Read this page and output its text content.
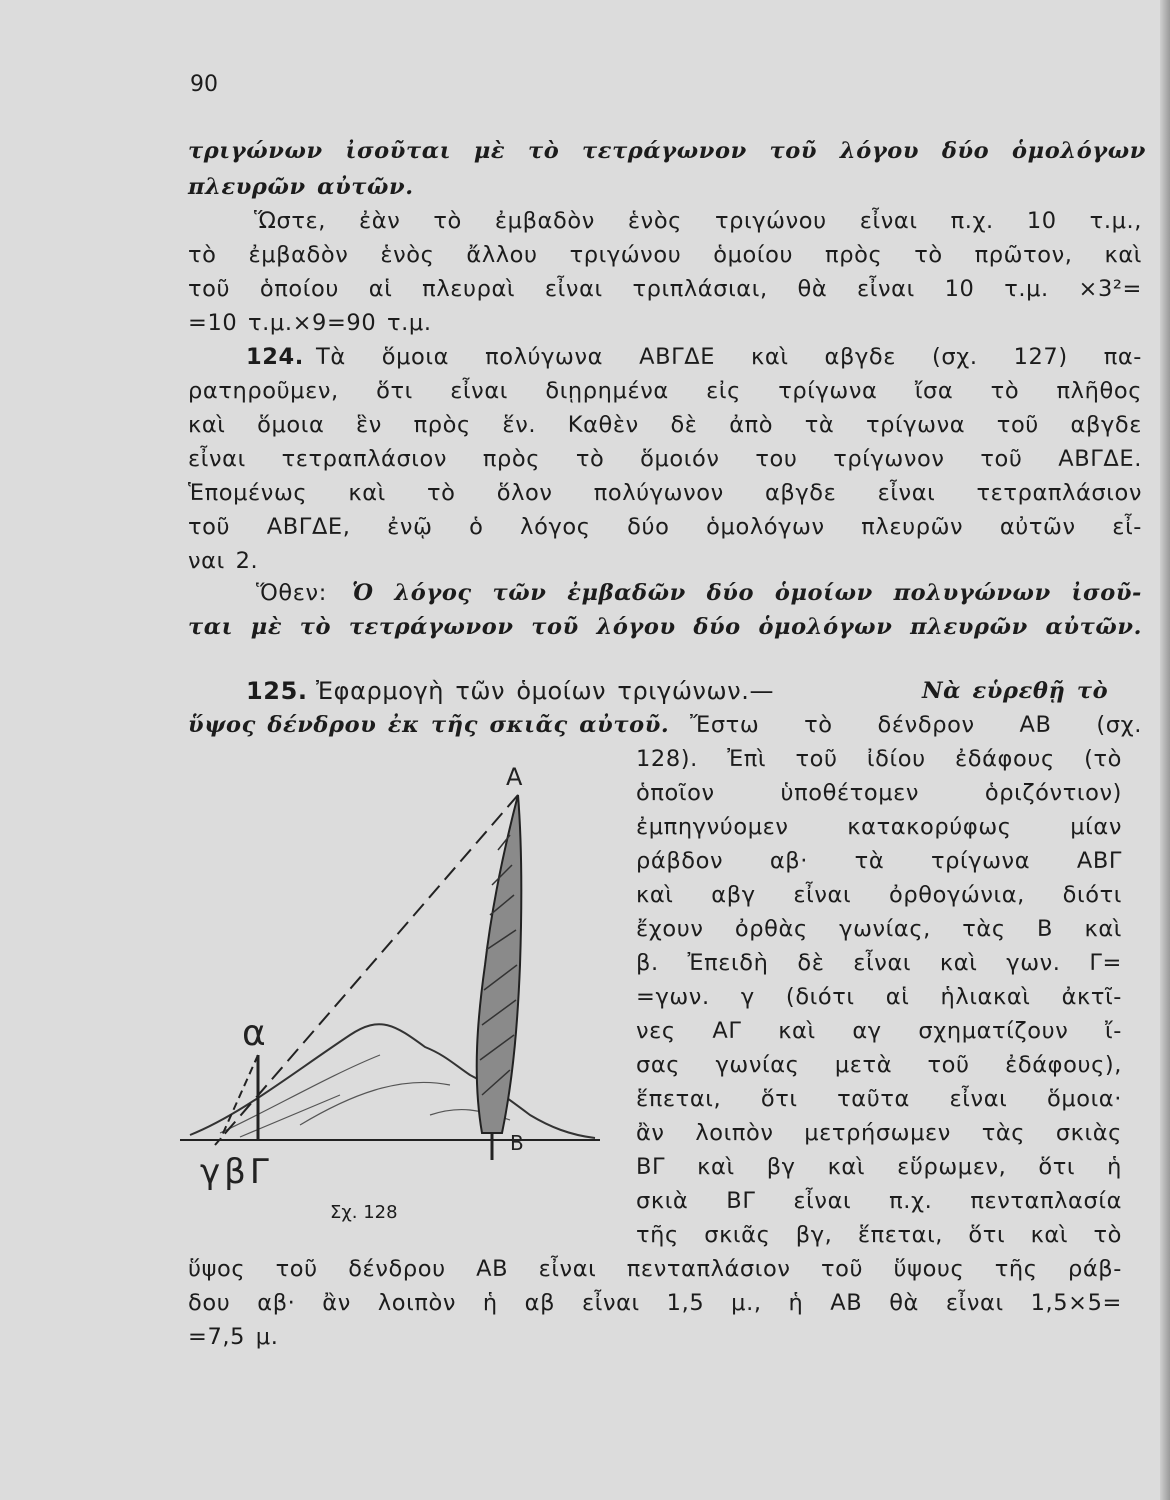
90
τριγώνων ἰσοῦται μὲ τὸ τετράγωνον τοῦ λόγου δύο ὁμολόγων
πλευρῶν αὐτῶν.
Ὥστε, ἐὰν τὸ ἐμβαδὸν ἑνὸς τριγώνου εἶναι π.χ. 10 τ.μ.,
τὸ ἐμβαδὸν ἑνὸς ἄλλου τριγώνου ὁμοίου πρὸς τὸ πρῶτον, καὶ
τοῦ ὁποίου αἱ πλευραὶ εἶναι τριπλάσιαι, θὰ εἶναι 10 τ.μ. ×3²=
=10 τ.μ.×9=90 τ.μ.
124. Τὰ ὅμοια πολύγωνα ΑΒΓΔΕ καὶ αβγδε (σχ. 127) πα-
ρατηροῦμεν, ὅτι εἶναι διῃρημένα εἰς τρίγωνα ἴσα τὸ πλῆθος
καὶ ὅμοια ἓν πρὸς ἕν. Καθὲν δὲ ἀπὸ τὰ τρίγωνα τοῦ αβγδε
εἶναι τετραπλάσιον πρὸς τὸ ὅμοιόν του τρίγωνον τοῦ ΑΒΓΔΕ.
Ἑπομένως καὶ τὸ ὅλον πολύγωνον αβγδε εἶναι τετραπλάσιον
τοῦ ΑΒΓΔΕ, ἐνῷ ὁ λόγος δύο ὁμολόγων πλευρῶν αὐτῶν εἶ-
ναι 2.
Ὅθεν: Ὁ λόγος τῶν ἐμβαδῶν δύο ὁμοίων πολυγώνων ἰσοῦ-
ται μὲ τὸ τετράγωνον τοῦ λόγου δύο ὁμολόγων πλευρῶν αὐτῶν.
125. Ἐφαρμογὴ τῶν ὁμοίων τριγώνων.—	Νὰ εὑρεθῇ τὸ
ὕψος δένδρου ἐκ τῆς σκιᾶς αὐτοῦ. Ἔστω τὸ δένδρον ΑΒ (σχ.
128). Ἐπὶ τοῦ ἰδίου ἐδάφους (τὸ
ὁποῖον ὑποθέτομεν ὁριζόντιον)
ἐμπηγνύομεν κατακορύφως μίαν
ράβδον αβ· τὰ τρίγωνα ΑΒΓ
καὶ αβγ εἶναι ὀρθογώνια, διότι
ἔχουν ὀρθὰς γωνίας, τὰς Β καὶ
β. Ἐπειδὴ δὲ εἶναι καὶ γων. Γ=
=γων. γ (διότι αἱ ἡλιακαὶ ἀκτῖ-
νες ΑΓ καὶ αγ σχηματίζουν ἴ-
σας γωνίας μετὰ τοῦ ἐδάφους),
ἕπεται, ὅτι ταῦτα εἶναι ὅμοια·
ἂν λοιπὸν μετρήσωμεν τὰς σκιὰς
ΒΓ καὶ βγ καὶ εὕρωμεν, ὅτι ἡ
σκιὰ ΒΓ εἶναι π.χ. πενταπλασία
τῆς σκιᾶς βγ, ἕπεται, ὅτι καὶ τὸ
ὕψος τοῦ δένδρου ΑΒ εἶναι πενταπλάσιον τοῦ ὕψους τῆς ράβ-
δου αβ· ἂν λοιπὸν ἡ αβ εἶναι 1,5 μ., ἡ ΑΒ θὰ εἶναι 1,5×5=
=7,5 μ.
Α
Β
α
γβΓ
Σχ. 128
